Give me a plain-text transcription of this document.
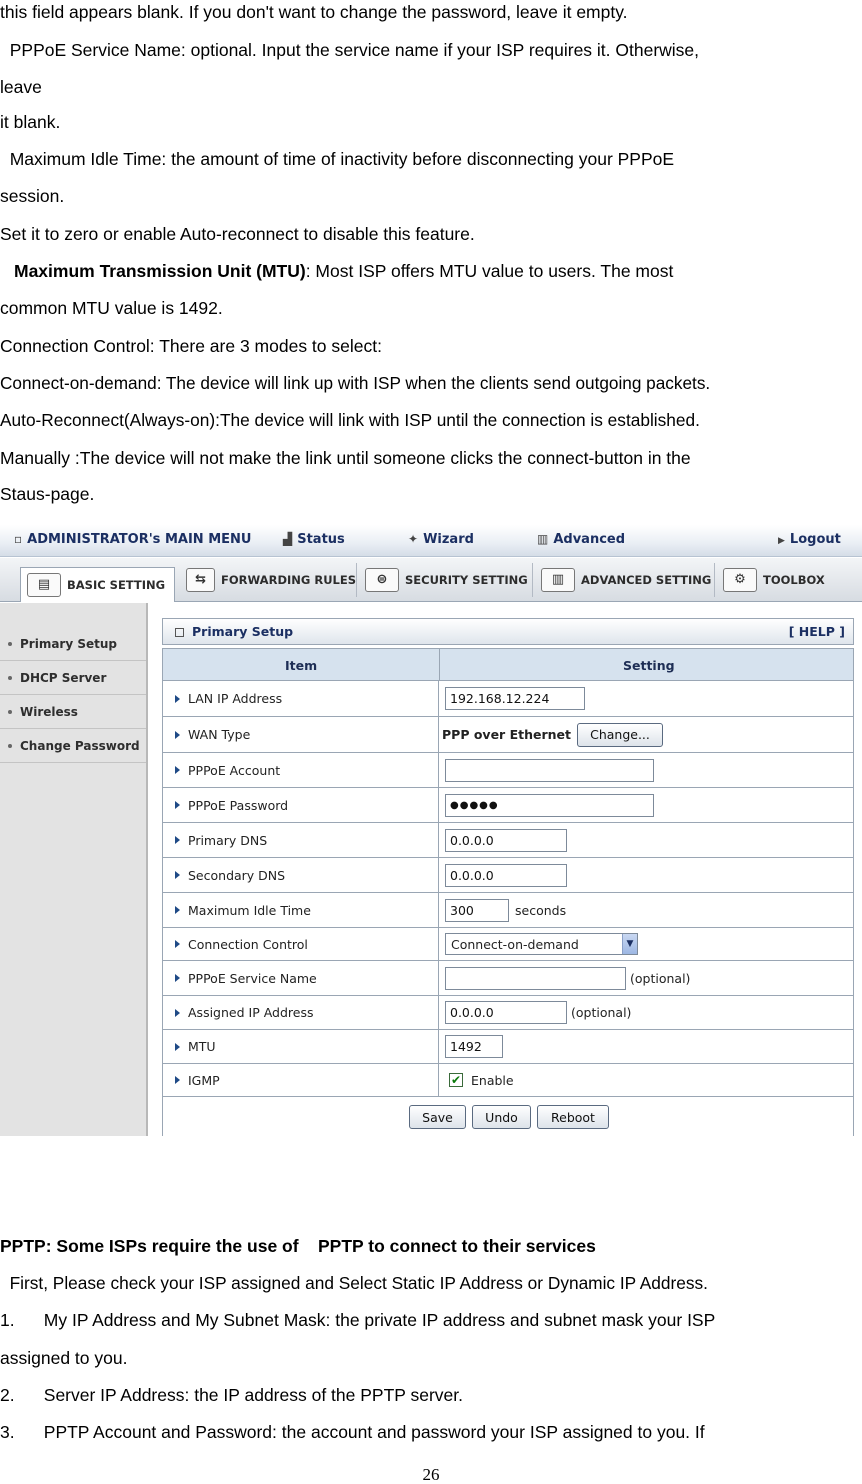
this field appears blank. If you don't want to change the password, leave it empty.
PPPoE Service Name: optional. Input the service name if your ISP requires it. Otherwise,
leave
it blank.
Maximum Idle Time: the amount of time of inactivity before disconnecting your PPPoE
session.
Set it to zero or enable Auto-reconnect to disable this feature.
Maximum Transmission Unit (MTU): Most ISP offers MTU value to users. The most
common MTU value is 1492.
Connection Control: There are 3 modes to select:
Connect-on-demand: The device will link up with ISP when the clients send outgoing packets.
Auto-Reconnect(Always-on):The device will link with ISP until the connection is established.
Manually :The device will not make the link until someone clicks the connect-button in the
Staus-page.
▫ ADMINISTRATOR's MAIN MENU	▟ Status	✦ Wizard	▥ Advanced	▶ Logout
▤	BASIC SETTING	⇆	FORWARDING RULES	⊜	SECURITY SETTING	▥	ADVANCED SETTING	⚙	TOOLBOX
Primary Setup
DHCP Server
Wireless
Change Password
Primary Setup	[ HELP ]
Item	Setting
LAN IP Address	192.168.12.224
WAN Type	PPP over Ethernet	Change...
PPPoE Account
PPPoE Password	●●●●●
Primary DNS	0.0.0.0
Secondary DNS	0.0.0.0
Maximum Idle Time	300	seconds
Connection Control	Connect-on-demand	▼
PPPoE Service Name	(optional)
Assigned IP Address	0.0.0.0	(optional)
MTU	1492
IGMP	✔ Enable
Save	Undo	Reboot
PPTP: Some ISPs require the use of    PPTP to connect to their services
First, Please check your ISP assigned and Select Static IP Address or Dynamic IP Address.
1.      My IP Address and My Subnet Mask: the private IP address and subnet mask your ISP
assigned to you.
2.      Server IP Address: the IP address of the PPTP server.
3.      PPTP Account and Password: the account and password your ISP assigned to you. If
26
